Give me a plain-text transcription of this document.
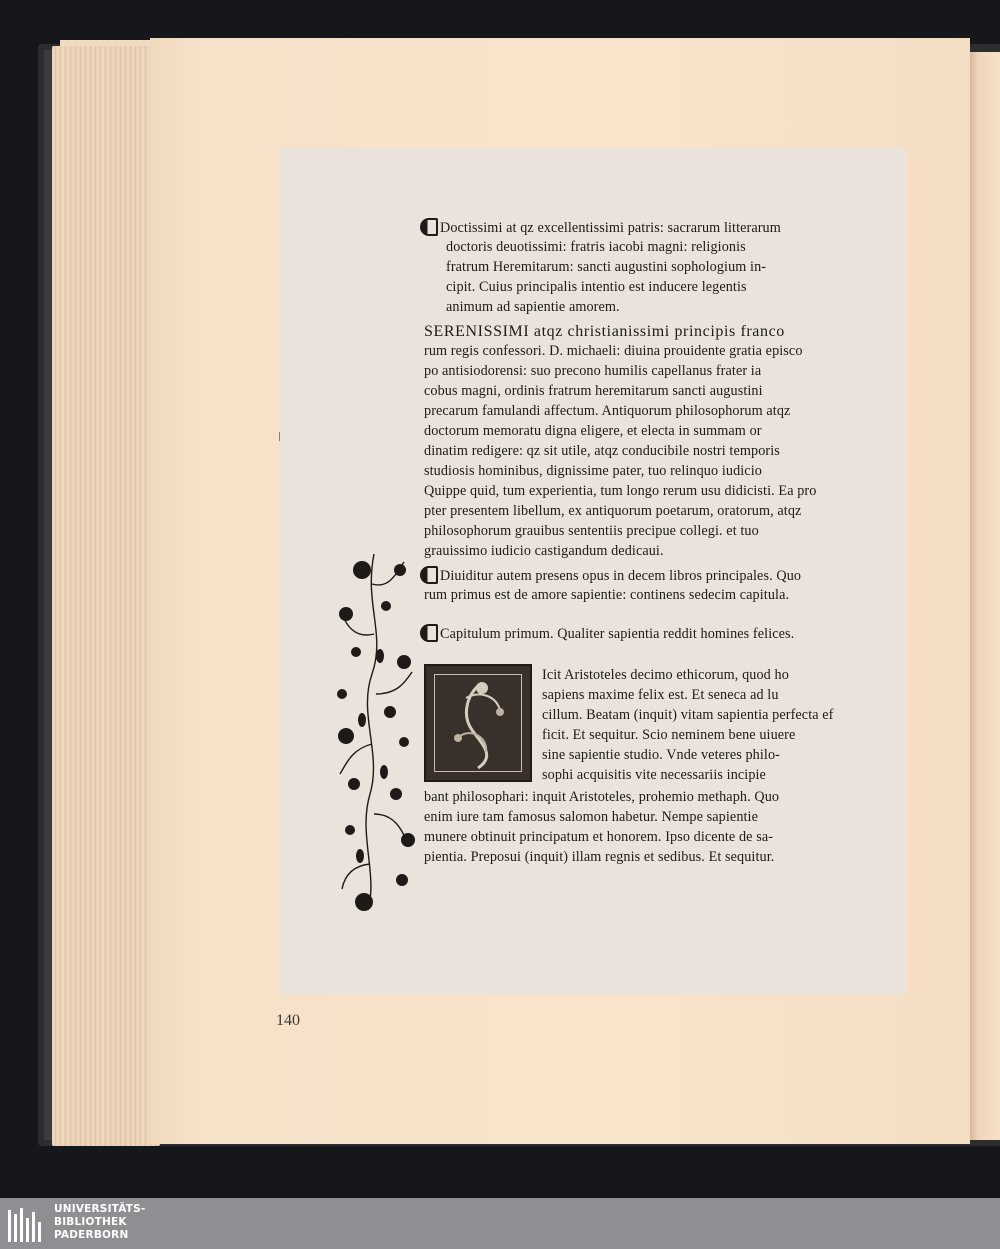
Doctissimi at qz excellentissimi patris: sacrarum litterarum
doctoris deuotissimi: fratris iacobi magni: religionis
fratrum Heremitarum: sancti augustini sophologium in-
cipit. Cuius principalis intentio est inducere legentis
animum ad sapientie amorem.
SERENISSIMI atqz christianissimi principis franco
rum regis confessori. D. michaeli: diuina prouidente gratia episco
po antisiodorensi: suo precono humilis capellanus frater ia
cobus magni, ordinis fratrum heremitarum sancti augustini
precarum famulandi affectum. Antiquorum philosophorum atqz
doctorum memoratu digna eligere, et electa in summam or
dinatim redigere: qz sit utile, atqz conducibile nostri temporis
studiosis hominibus, dignissime pater, tuo relinquo iudicio
Quippe quid, tum experientia, tum longo rerum usu didicisti. Ea pro
pter presentem libellum, ex antiquorum poetarum, oratorum, atqz
philosophorum grauibus sententiis precipue collegi. et tuo
grauissimo iudicio castigandum dedicaui.
Diuiditur autem presens opus in decem libros principales. Quo
rum primus est de amore sapientie: continens sedecim capitula.
Capitulum primum. Qualiter sapientia reddit homines felices.
Icit Aristoteles decimo ethicorum, quod ho
sapiens maxime felix est. Et seneca ad lu
cillum. Beatam (inquit) vitam sapientia perfecta ef
ficit. Et sequitur. Scio neminem bene uiuere
sine sapientie studio. Vnde veteres philo-
sophi acquisitis vite necessariis incipie
bant philosophari: inquit Aristoteles, prohemio methaph. Quo
enim iure tam famosus salomon habetur. Nempe sapientie
munere obtinuit principatum et honorem. Ipso dicente de sa-
pientia. Preposui (inquit) illam regnis et sedibus. Et sequitur.
140
UNIVERSITÄTS-
BIBLIOTHEK
PADERBORN
